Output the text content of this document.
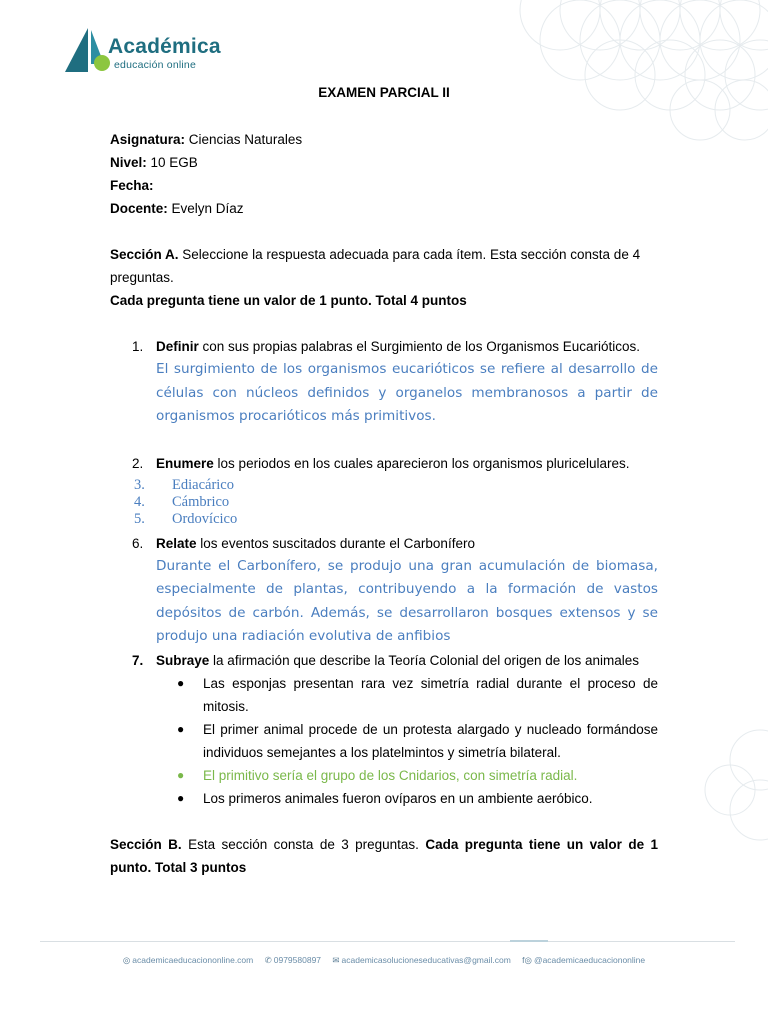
Académica
educación online
EXAMEN PARCIAL II

Asignatura: Ciencias Naturales

Nivel: 10 EGB

Fecha:

Docente: Evelyn Díaz

Sección A. Seleccione la respuesta adecuada para cada ítem. Esta sección consta de 4 preguntas.

Cada pregunta tiene un valor de 1 punto. Total 4 puntos

1. Definir con sus propias palabras el Surgimiento de los Organismos Eucarióticos.
El surgimiento de los organismos eucarióticos se refiere al desarrollo de células con núcleos definidos y organelos membranosos a partir de organismos procarióticos más primitivos.
2. Enumere los periodos en los cuales aparecieron los organismos pluricelulares.
3. Ediacárico
4. Cámbrico
5. Ordovícico
6. Relate los eventos suscitados durante el Carbonífero
Durante el Carbonífero, se produjo una gran acumulación de biomasa, especialmente de plantas, contribuyendo a la formación de vastos depósitos de carbón. Además, se desarrollaron bosques extensos y se produjo una radiación evolutiva de anfibios
7. Subraye la afirmación que describe la Teoría Colonial del origen de los animales
● Las esponjas presentan rara vez simetría radial durante el proceso de mitosis.
● El primer animal procede de un protesta alargado y nucleado formándose individuos semejantes a los platelmintos y simetría bilateral.
● El primitivo sería el grupo de los Cnidarios, con simetría radial.
● Los primeros animales fueron ovíparos en un ambiente aeróbico.

Sección B. Esta sección consta de 3 preguntas. Cada pregunta tiene un valor de 1 punto. Total 3 puntos

◎ academicaeducaciononline.com ✆ 0979580897 ✉ academicasolucioneseducativas@gmail.com f◎ @academicaeducaciononline
